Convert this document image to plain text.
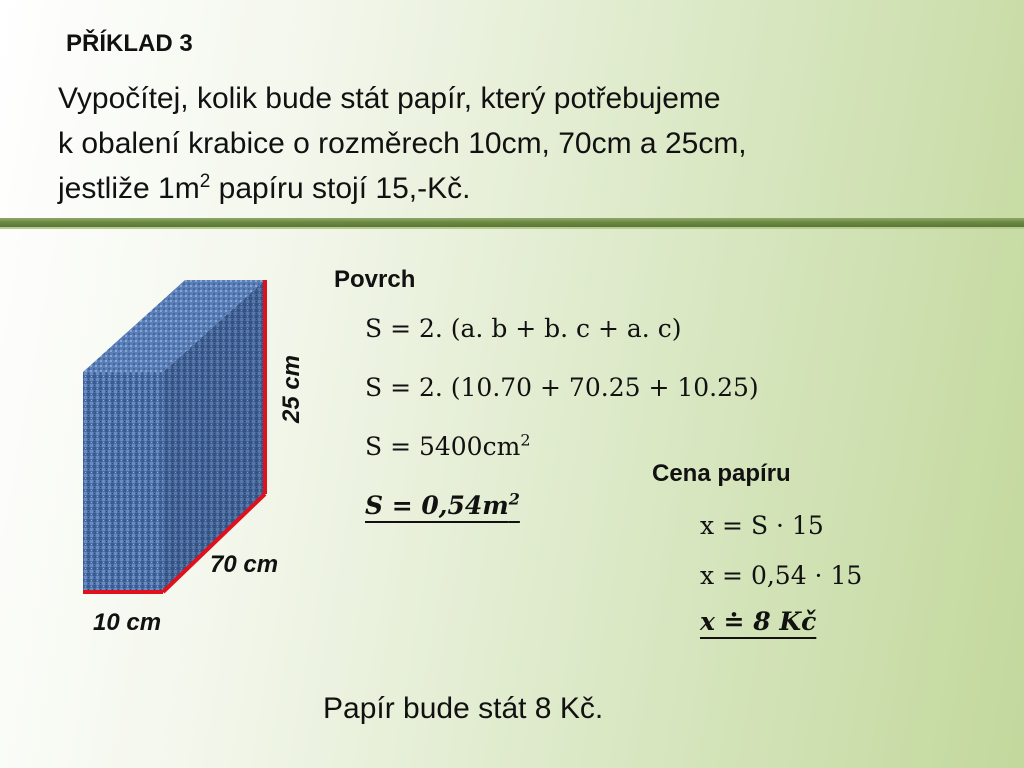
PŘÍKLAD 3
Vypočítej, kolik bude stát papír, který potřebujeme
k obalení krabice o rozměrech 10cm, 70cm a 25cm,
jestliže $1m^2$ papíru stojí 15,-Kč.
25 cm
70 cm
10 cm
Povrch
S = 2. (a. b + b. c + a. c)
S = 2. (10.70 + 70.25 + 10.25)
$S = 5400cm^2$
$S = 0,54m^2$
Cena papíru
x = S · 15
x = 0,54 · 15
x ≐ 8 Kč
Papír bude stát 8 Kč.
